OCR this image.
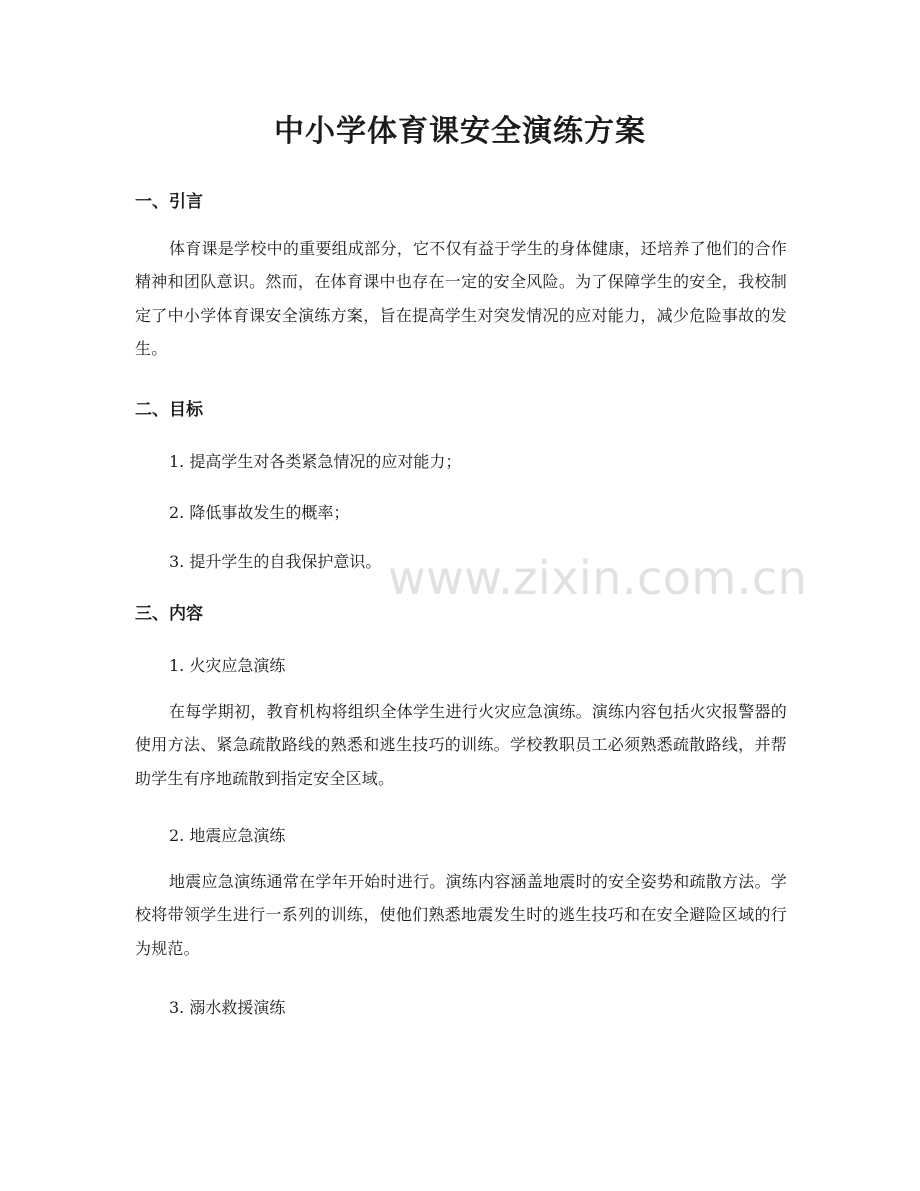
中小学体育课安全演练方案
一、引言

体育课是学校中的重要组成部分，它不仅有益于学生的身体健康，还培养了他们的合作精神和团队意识。然而，在体育课中也存在一定的安全风险。为了保障学生的安全，我校制定了中小学体育课安全演练方案，旨在提高学生对突发情况的应对能力，减少危险事故的发生。

二、目标

1. 提高学生对各类紧急情况的应对能力；

2. 降低事故发生的概率；

3. 提升学生的自我保护意识。

三、内容

1. 火灾应急演练

在每学期初，教育机构将组织全体学生进行火灾应急演练。演练内容包括火灾报警器的使用方法、紧急疏散路线的熟悉和逃生技巧的训练。学校教职员工必须熟悉疏散路线，并帮助学生有序地疏散到指定安全区域。

2. 地震应急演练

地震应急演练通常在学年开始时进行。演练内容涵盖地震时的安全姿势和疏散方法。学校将带领学生进行一系列的训练，使他们熟悉地震发生时的逃生技巧和在安全避险区域的行为规范。

3. 溺水救援演练

www.zixin.com.cn
